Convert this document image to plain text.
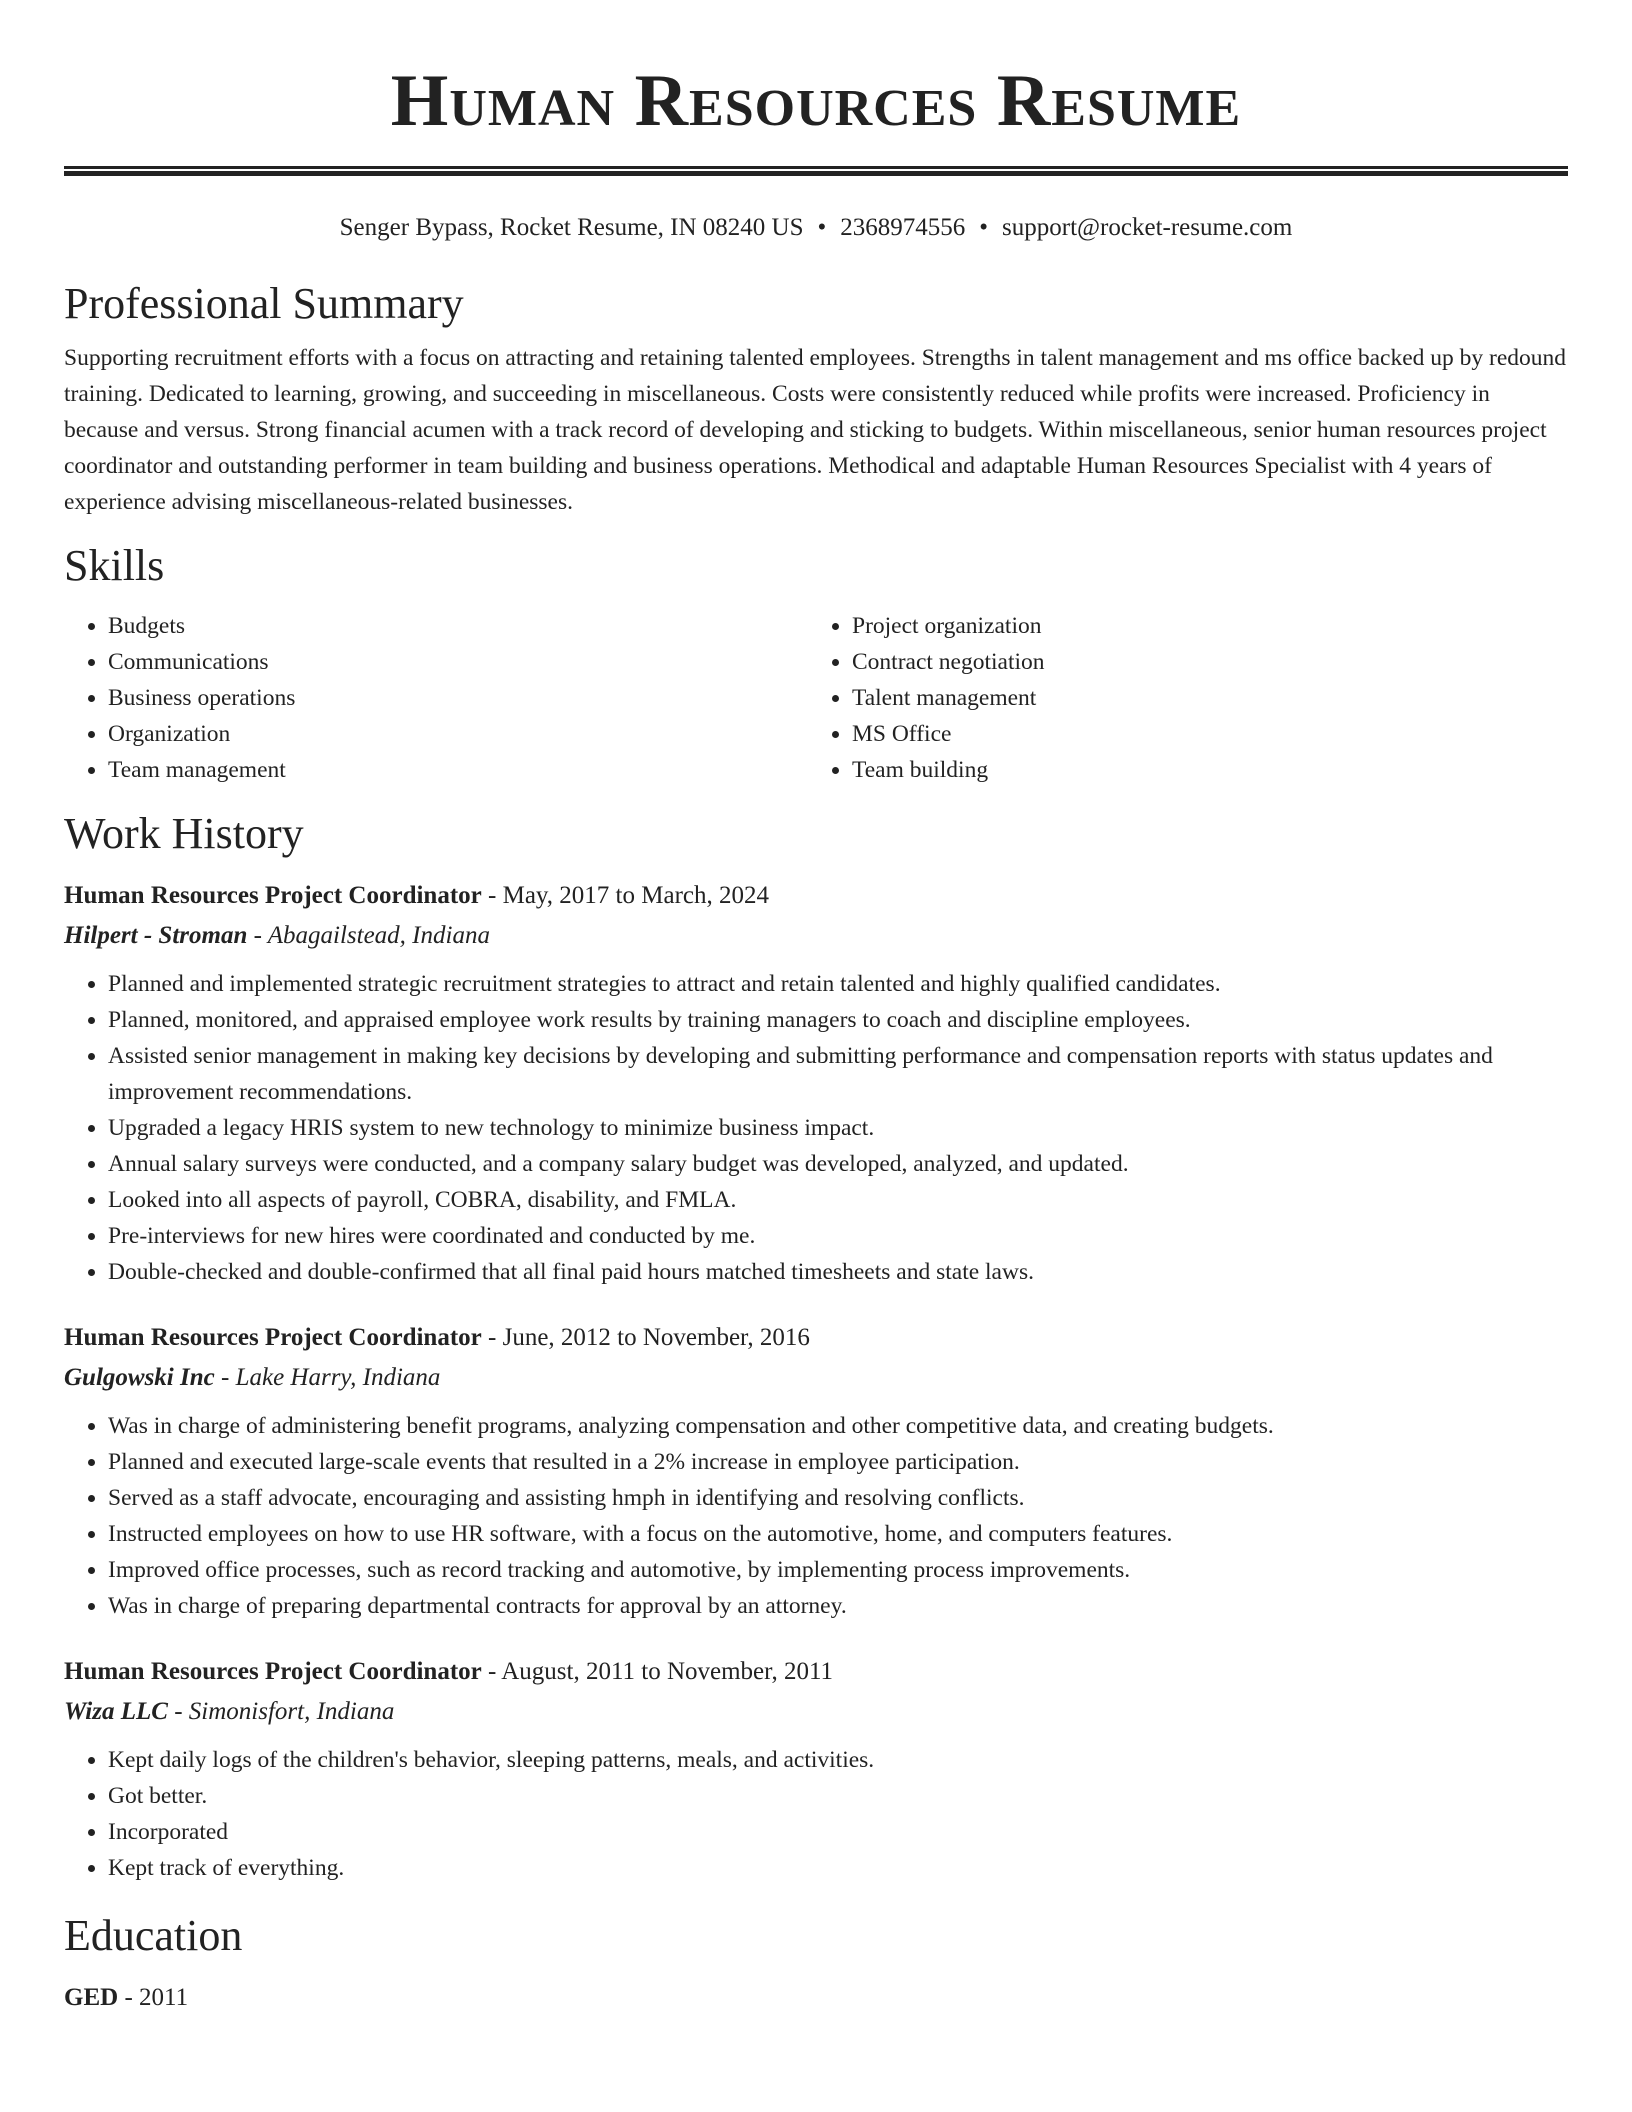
Human Resources Resume
Senger Bypass, Rocket Resume, IN 08240 US • 2368974556 • support@rocket-resume.com
Professional Summary
Supporting recruitment efforts with a focus on attracting and retaining talented employees. Strengths in talent management and ms office backed up by redound training. Dedicated to learning, growing, and succeeding in miscellaneous. Costs were consistently reduced while profits were increased. Proficiency in because and versus. Strong financial acumen with a track record of developing and sticking to budgets. Within miscellaneous, senior human resources project coordinator and outstanding performer in team building and business operations. Methodical and adaptable Human Resources Specialist with 4 years of experience advising miscellaneous-related businesses.
Skills
• Budgets
• Communications
• Business operations
• Organization
• Team management
• Project organization
• Contract negotiation
• Talent management
• MS Office
• Team building
Work History
Human Resources Project Coordinator - May, 2017 to March, 2024
Hilpert - Stroman - Abagailstead, Indiana
• Planned and implemented strategic recruitment strategies to attract and retain talented and highly qualified candidates.
• Planned, monitored, and appraised employee work results by training managers to coach and discipline employees.
• Assisted senior management in making key decisions by developing and submitting performance and compensation reports with status updates and improvement recommendations.
• Upgraded a legacy HRIS system to new technology to minimize business impact.
• Annual salary surveys were conducted, and a company salary budget was developed, analyzed, and updated.
• Looked into all aspects of payroll, COBRA, disability, and FMLA.
• Pre-interviews for new hires were coordinated and conducted by me.
• Double-checked and double-confirmed that all final paid hours matched timesheets and state laws.
Human Resources Project Coordinator - June, 2012 to November, 2016
Gulgowski Inc - Lake Harry, Indiana
• Was in charge of administering benefit programs, analyzing compensation and other competitive data, and creating budgets.
• Planned and executed large-scale events that resulted in a 2% increase in employee participation.
• Served as a staff advocate, encouraging and assisting hmph in identifying and resolving conflicts.
• Instructed employees on how to use HR software, with a focus on the automotive, home, and computers features.
• Improved office processes, such as record tracking and automotive, by implementing process improvements.
• Was in charge of preparing departmental contracts for approval by an attorney.
Human Resources Project Coordinator - August, 2011 to November, 2011
Wiza LLC - Simonisfort, Indiana
• Kept daily logs of the children's behavior, sleeping patterns, meals, and activities.
• Got better.
• Incorporated
• Kept track of everything.
Education
GED - 2011
